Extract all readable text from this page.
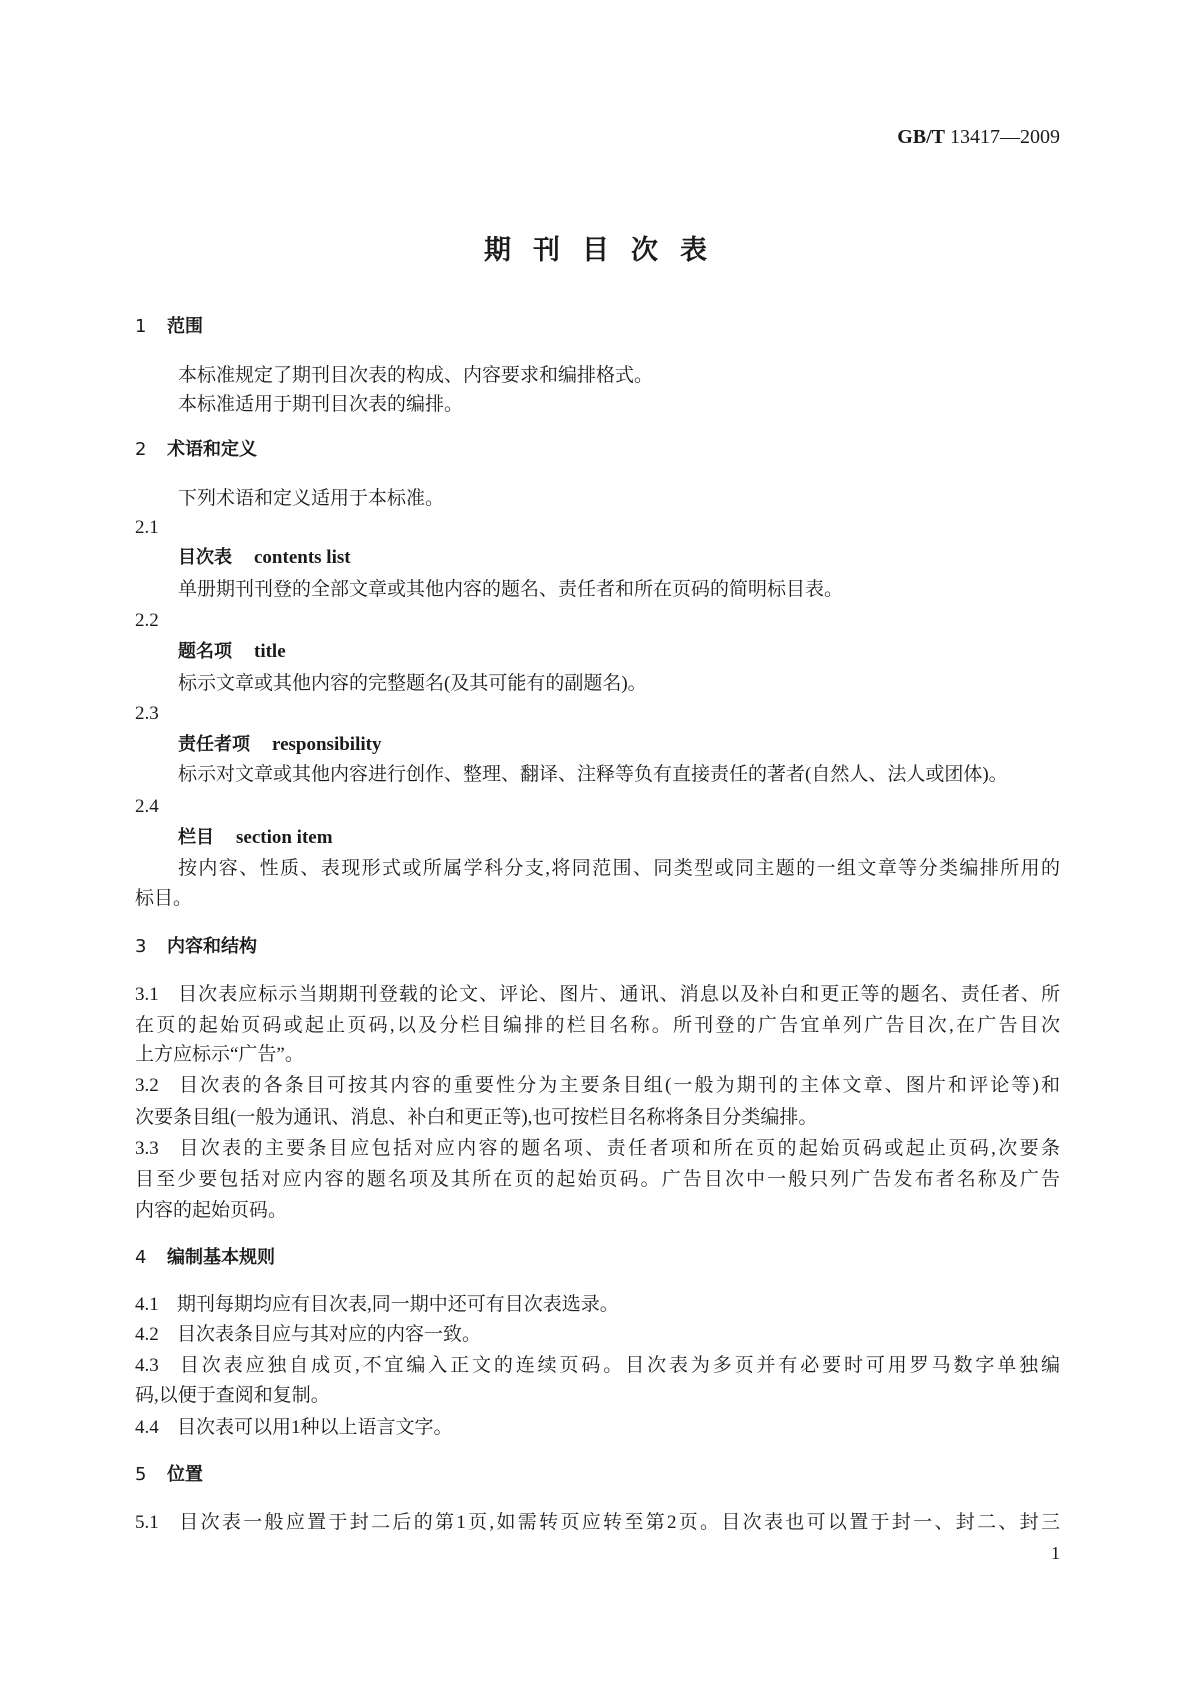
GB/T 13417—2009
期刊目次表
1 范围
本标准规定了期刊目次表的构成、内容要求和编排格式。
本标准适用于期刊目次表的编排。
2 术语和定义
下列术语和定义适用于本标准。
2.1
目次表 contents list
单册期刊刊登的全部文章或其他内容的题名、责任者和所在页码的简明标目表。
2.2
题名项 title
标示文章或其他内容的完整题名(及其可能有的副题名)。
2.3
责任者项 responsibility
标示对文章或其他内容进行创作、整理、翻译、注释等负有直接责任的著者(自然人、法人或团体)。
2.4
栏目 section item
按内容、性质、表现形式或所属学科分支,将同范围、同类型或同主题的一组文章等分类编排所用的
标目。
3 内容和结构
3.1 目次表应标示当期期刊登载的论文、评论、图片、通讯、消息以及补白和更正等的题名、责任者、所
在页的起始页码或起止页码,以及分栏目编排的栏目名称。所刊登的广告宜单列广告目次,在广告目次
上方应标示“广告”。
3.2 目次表的各条目可按其内容的重要性分为主要条目组(一般为期刊的主体文章、图片和评论等)和
次要条目组(一般为通讯、消息、补白和更正等),也可按栏目名称将条目分类编排。
3.3 目次表的主要条目应包括对应内容的题名项、责任者项和所在页的起始页码或起止页码,次要条
目至少要包括对应内容的题名项及其所在页的起始页码。广告目次中一般只列广告发布者名称及广告
内容的起始页码。
4 编制基本规则
4.1 期刊每期均应有目次表,同一期中还可有目次表选录。
4.2 目次表条目应与其对应的内容一致。
4.3 目次表应独自成页,不宜编入正文的连续页码。目次表为多页并有必要时可用罗马数字单独编
码,以便于查阅和复制。
4.4 目次表可以用1种以上语言文字。
5 位置
5.1 目次表一般应置于封二后的第1页,如需转页应转至第2页。目次表也可以置于封一、封二、封三
1
